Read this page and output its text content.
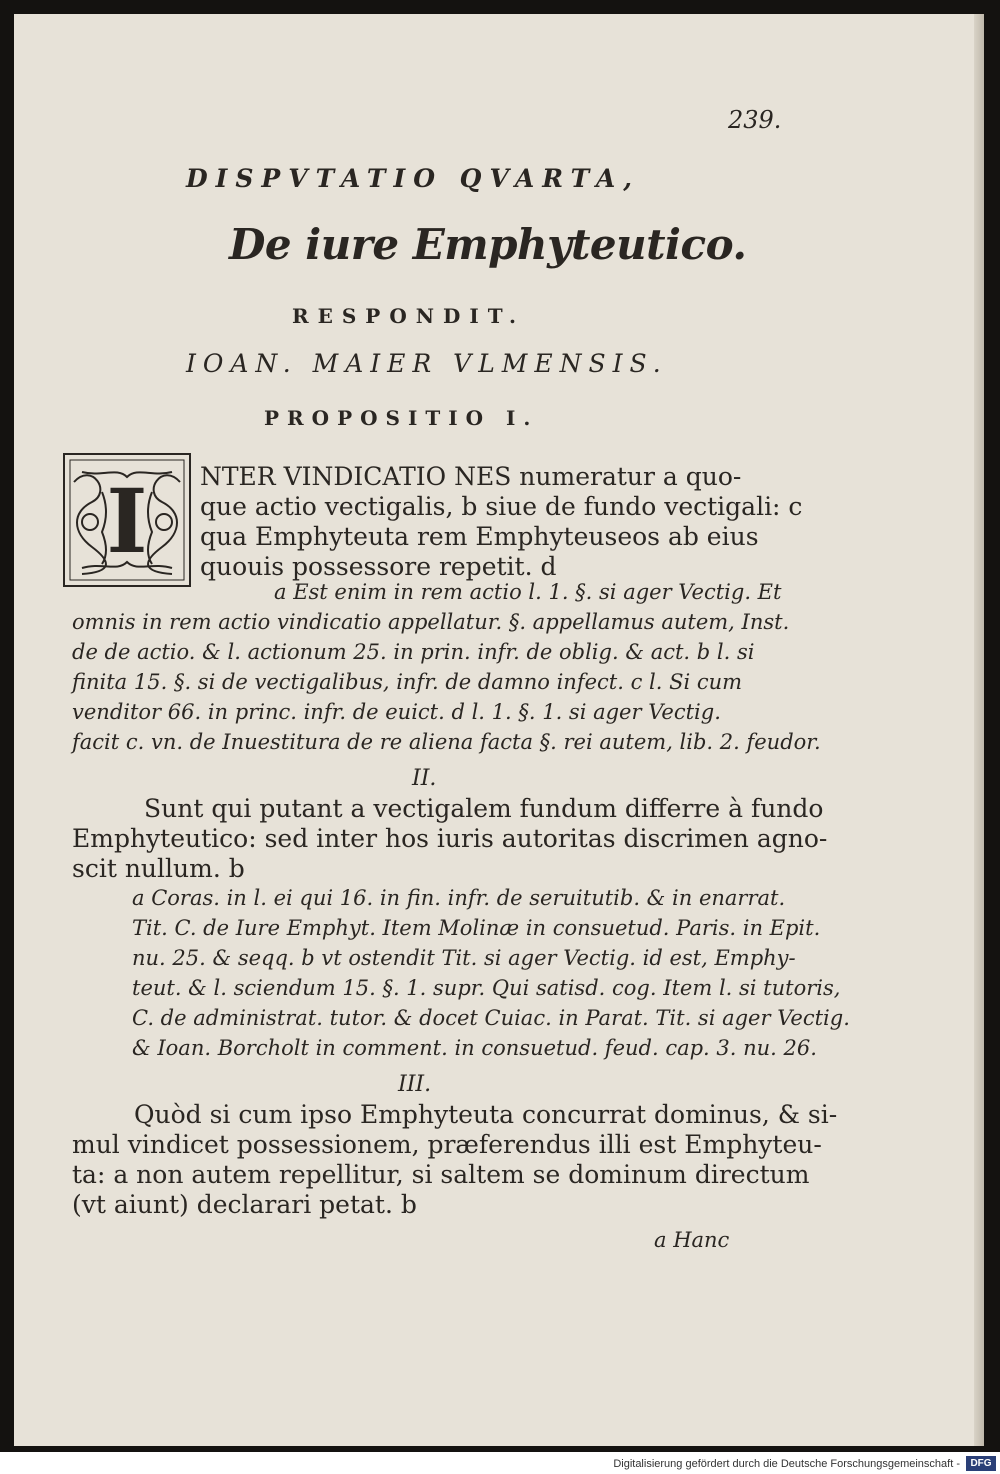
239.
DISPVTATIO QVARTA,
De iure Emphyteutico.
RESPONDIT.
IOAN. MAIER VLMENSIS.
PROPOSITIO I.
I NTER VINDICATIO NES numeratur a quo-
que actio vectigalis, b siue de fundo vectigali: c
qua Emphyteuta rem Emphyteuseos ab eius
quouis possessore repetit. d
a Est enim in rem actio l. 1. §. si ager Vectig. Et
omnis in rem actio vindicatio appellatur. §. appellamus autem, Inst.
de de actio. & l. actionum 25. in prin. infr. de oblig. & act. b l. si
finita 15. §. si de vectigalibus, infr. de damno infect. c l. Si cum
venditor 66. in princ. infr. de euict. d l. 1. §. 1. si ager Vectig.
facit c. vn. de Inuestitura de re aliena facta §. rei autem, lib. 2. feudor.
II.
Sunt qui putant a vectigalem fundum differre à fundo
Emphyteutico: sed inter hos iuris autoritas discrimen agno-
scit nullum. b
a Coras. in l. ei qui 16. in fin. infr. de seruitutib. & in enarrat.
Tit. C. de Iure Emphyt. Item Molinæ in consuetud. Paris. in Epit.
nu. 25. & seqq. b vt ostendit Tit. si ager Vectig. id est, Emphy-
teut. & l. sciendum 15. §. 1. supr. Qui satisd. cog. Item l. si tutoris,
C. de administrat. tutor. & docet Cuiac. in Parat. Tit. si ager Vectig.
& Ioan. Borcholt in comment. in consuetud. feud. cap. 3. nu. 26.
III.
Quòd si cum ipso Emphyteuta concurrat dominus, & si-
mul vindicet possessionem, præferendus illi est Emphyteu-
ta: a non autem repellitur, si saltem se dominum directum
(vt aiunt) declarari petat. b
a Hanc
Digitalisierung gefördert durch die Deutsche Forschungsgemeinschaft -	DFG
